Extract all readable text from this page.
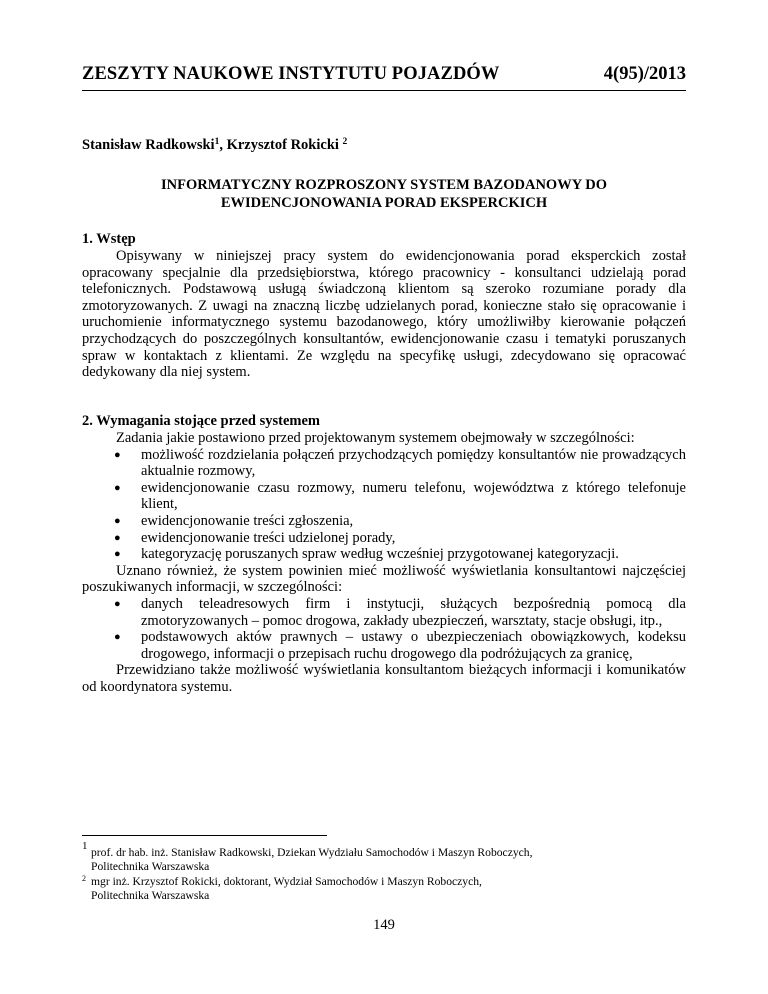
ZESZYTY NAUKOWE INSTYTUTU POJAZDÓW	4(95)/2013
Stanisław Radkowski$^1$, Krzysztof Rokicki $^2$
INFORMATYCZNY ROZPROSZONY SYSTEM BAZODANOWY DO
EWIDENCJONOWANIA PORAD EKSPERCKICH
1. Wstęp

Opisywany w niniejszej pracy system do ewidencjonowania porad eksperckich został opracowany specjalnie dla przedsiębiorstwa, którego pracownicy - konsultanci udzielają porad telefonicznych. Podstawową usługą świadczoną klientom są szeroko rozumiane porady dla zmotoryzowanych. Z uwagi na znaczną liczbę udzielanych porad, konieczne stało się opracowanie i uruchomienie informatycznego systemu bazodanowego, który umożliwiłby kierowanie połączeń przychodzących do poszczególnych konsultantów, ewidencjonowanie czasu i tematyki poruszanych spraw w kontaktach z klientami. Ze względu na specyfikę usługi, zdecydowano się opracować dedykowany dla niej system.

2. Wymagania stojące przed systemem

Zadania jakie postawiono przed projektowanym systemem obejmowały w szczególności:

● możliwość rozdzielania połączeń przychodzących pomiędzy konsultantów nie prowadzących aktualnie rozmowy,
● ewidencjonowanie czasu rozmowy, numeru telefonu, województwa z którego telefonuje klient,
● ewidencjonowanie treści zgłoszenia,
● ewidencjonowanie treści udzielonej porady,
● kategoryzację poruszanych spraw według wcześniej przygotowanej kategoryzacji.

Uznano również, że system powinien mieć możliwość wyświetlania konsultantowi najczęściej poszukiwanych informacji, w szczególności:

● danych teleadresowych firm i instytucji, służących bezpośrednią pomocą dla zmotoryzowanych – pomoc drogowa, zakłady ubezpieczeń, warsztaty, stacje obsługi, itp.,
● podstawowych aktów prawnych – ustawy o ubezpieczeniach obowiązkowych, kodeksu drogowego, informacji o przepisach ruchu drogowego dla podróżujących za granicę,

Przewidziano także możliwość wyświetlania konsultantom bieżących informacji i komunikatów od koordynatora systemu.

1 prof. dr hab. inż. Stanisław Radkowski, Dziekan Wydziału Samochodów i Maszyn Roboczych,
Politechnika Warszawska
2 mgr inż. Krzysztof Rokicki, doktorant, Wydział Samochodów i Maszyn Roboczych,
Politechnika Warszawska
149
